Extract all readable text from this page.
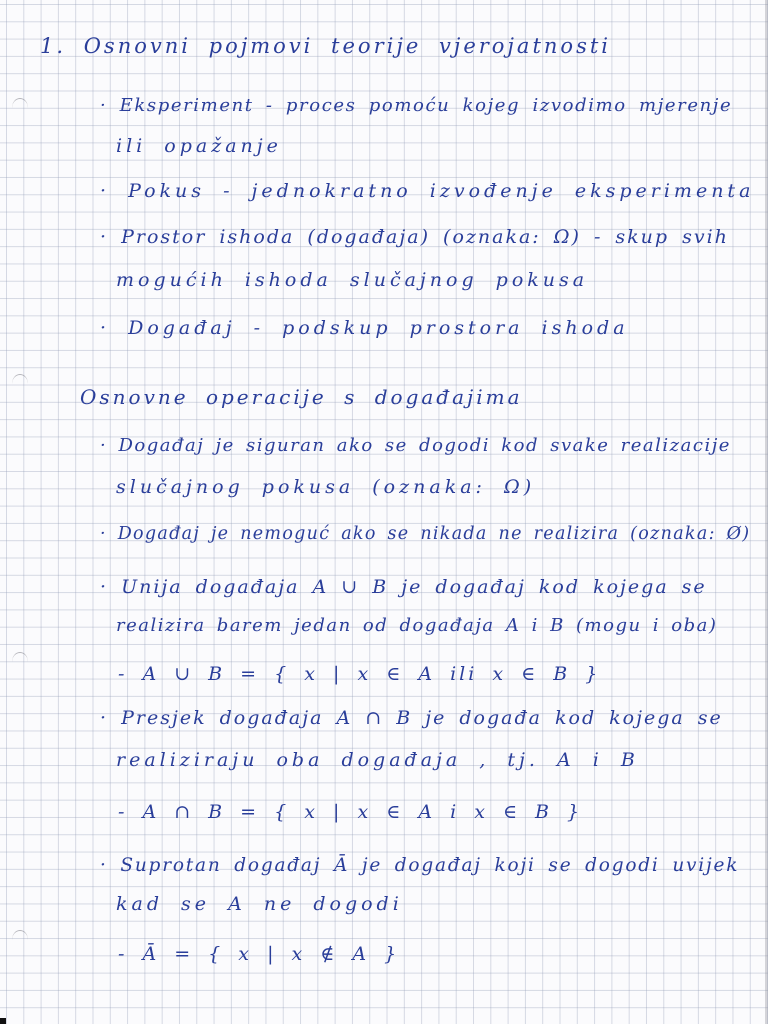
1. Osnovni pojmovi teorije vjerojatnosti
· Eksperiment - proces pomoću kojeg izvodimo mjerenje
ili opažanje
· Pokus - jednokratno izvođenje eksperimenta
· Prostor ishoda (događaja) (oznaka: Ω) - skup svih
mogućih ishoda slučajnog pokusa
· Događaj - podskup prostora ishoda
Osnovne operacije s događajima
· Događaj je siguran ako se dogodi kod svake realizacije
slučajnog pokusa (oznaka: Ω)
· Događaj je nemoguć ako se nikada ne realizira (oznaka: Ø)
· Unija događaja A ∪ B je događaj kod kojega se
realizira barem jedan od događaja A i B (mogu i oba)
- A ∪ B = { x | x ∈ A ili x ∈ B }
· Presjek događaja A ∩ B je događa kod kojega se
realiziraju oba događaja , tj. A i B
- A ∩ B = { x | x ∈ A i x ∈ B }
· Suprotan događaj Ā je događaj koji se dogodi uvijek
kad se A ne dogodi
- Ā = { x | x ∉ A }
